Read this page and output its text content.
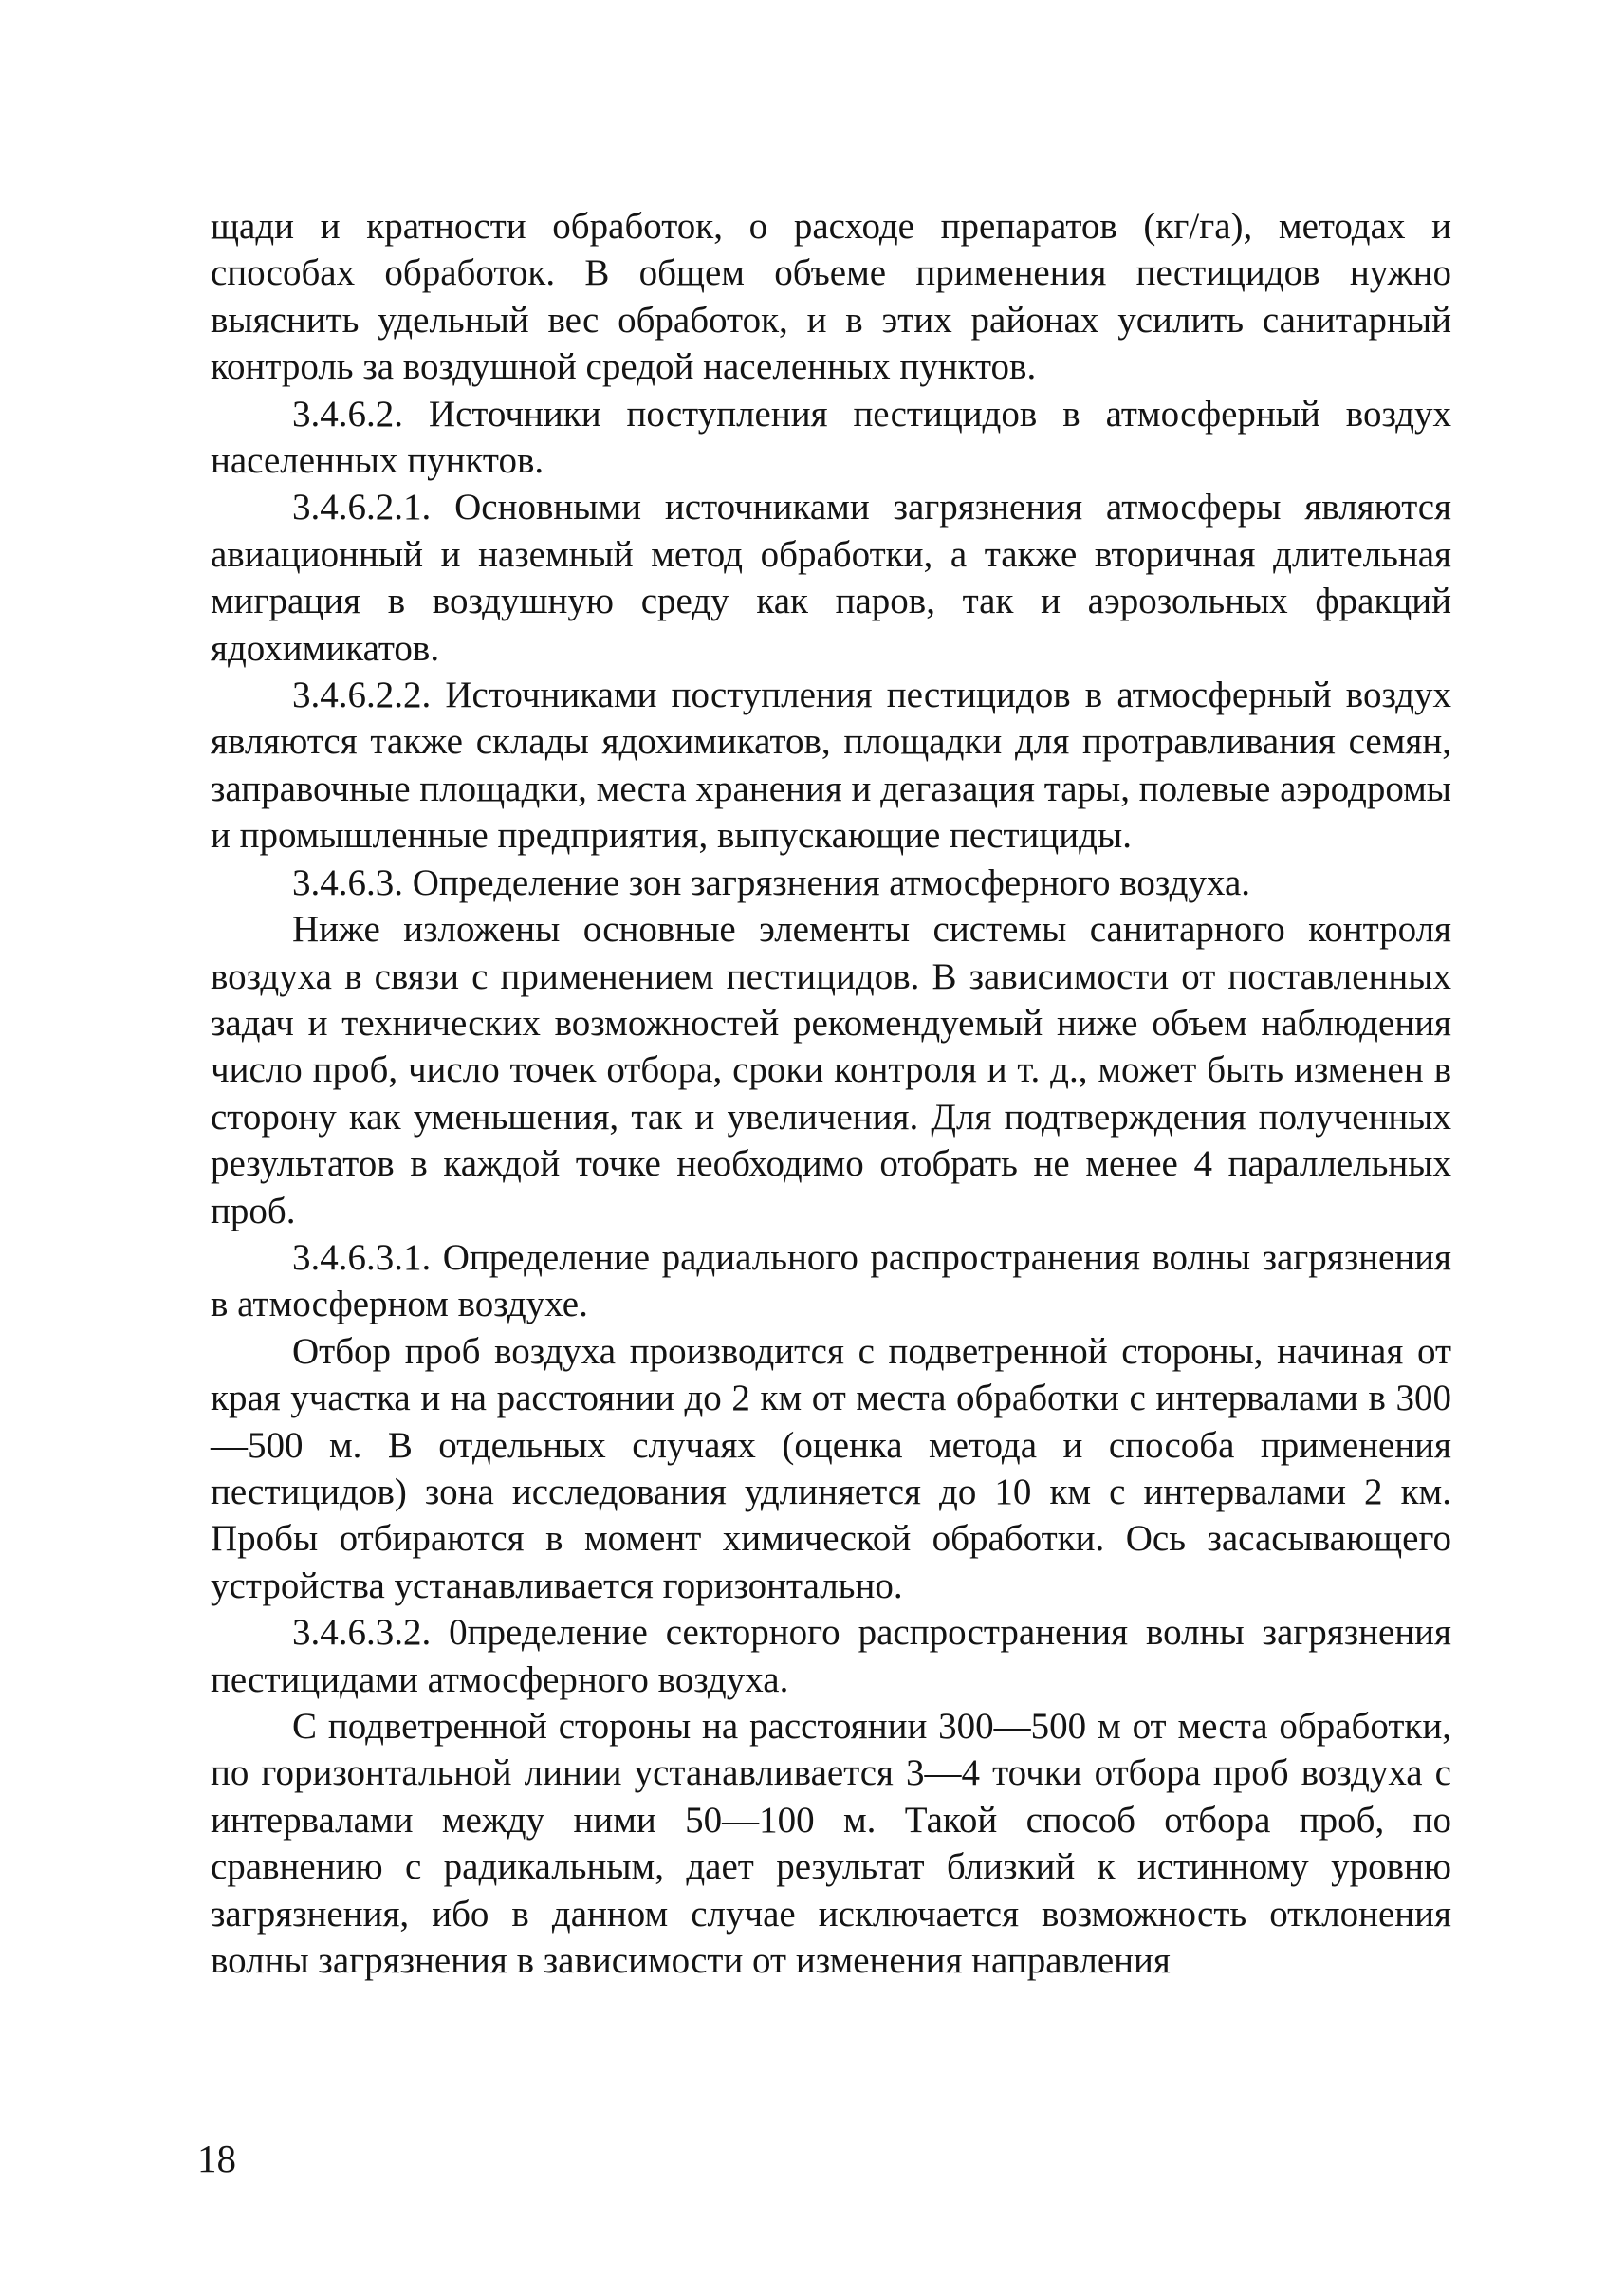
щади и кратности обработок, о расходе препаратов (кг/га), методах и способах обработок. В общем объеме применения пестицидов нужно выяснить удельный вес обработок, и в этих районах усилить санитарный контроль за воздушной средой населенных пунктов.

3.4.6.2. Источники поступления пестицидов в атмосферный воздух населенных пунктов.

3.4.6.2.1. Основными источниками загрязнения атмосферы являются авиационный и наземный метод обработки, а также вторичная длительная миграция в воздушную среду как паров, так и аэрозольных фракций ядохимикатов.

3.4.6.2.2. Источниками поступления пестицидов в атмосферный воздух являются также склады ядохимикатов, площадки для протравливания семян, заправочные площадки, места хранения и дегазация тары, полевые аэродромы и промышленные предприятия, выпускающие пестициды.

3.4.6.3. Определение зон загрязнения атмосферного воздуха.

Ниже изложены основные элементы системы санитарного контроля воздуха в связи с применением пестицидов. В зависимости от поставленных задач и технических возможностей рекомендуемый ниже объем наблюдения число проб, число точек отбора, сроки контроля и т. д., может быть изменен в сторону как уменьшения, так и увеличения. Для подтверждения полученных результатов в каждой точке необходимо отобрать не менее 4 параллельных проб.

3.4.6.3.1. Определение радиального распространения волны загрязнения в атмосферном воздухе.

Отбор проб воздуха производится с подветренной стороны, начиная от края участка и на расстоянии до 2 км от места обработки с интервалами в 300—500 м. В отдельных случаях (оценка метода и способа применения пестицидов) зона исследования удлиняется до 10 км с интервалами 2 км. Пробы отбираются в момент химической обработки. Ось засасывающего устройства устанавливается горизонтально.

3.4.6.3.2. 0пределение секторного распространения волны загрязнения пестицидами атмосферного воздуха.

С подветренной стороны на расстоянии 300—500 м от места обработки, по горизонтальной линии устанавливается 3—4 точки отбора проб воздуха с интервалами между ними 50—100 м. Такой способ отбора проб, по сравнению с радикальным, дает результат близкий к истинному уровню загрязнения, ибо в данном случае исключается возможность отклонения волны загрязнения в зависимости от изменения направления

18
